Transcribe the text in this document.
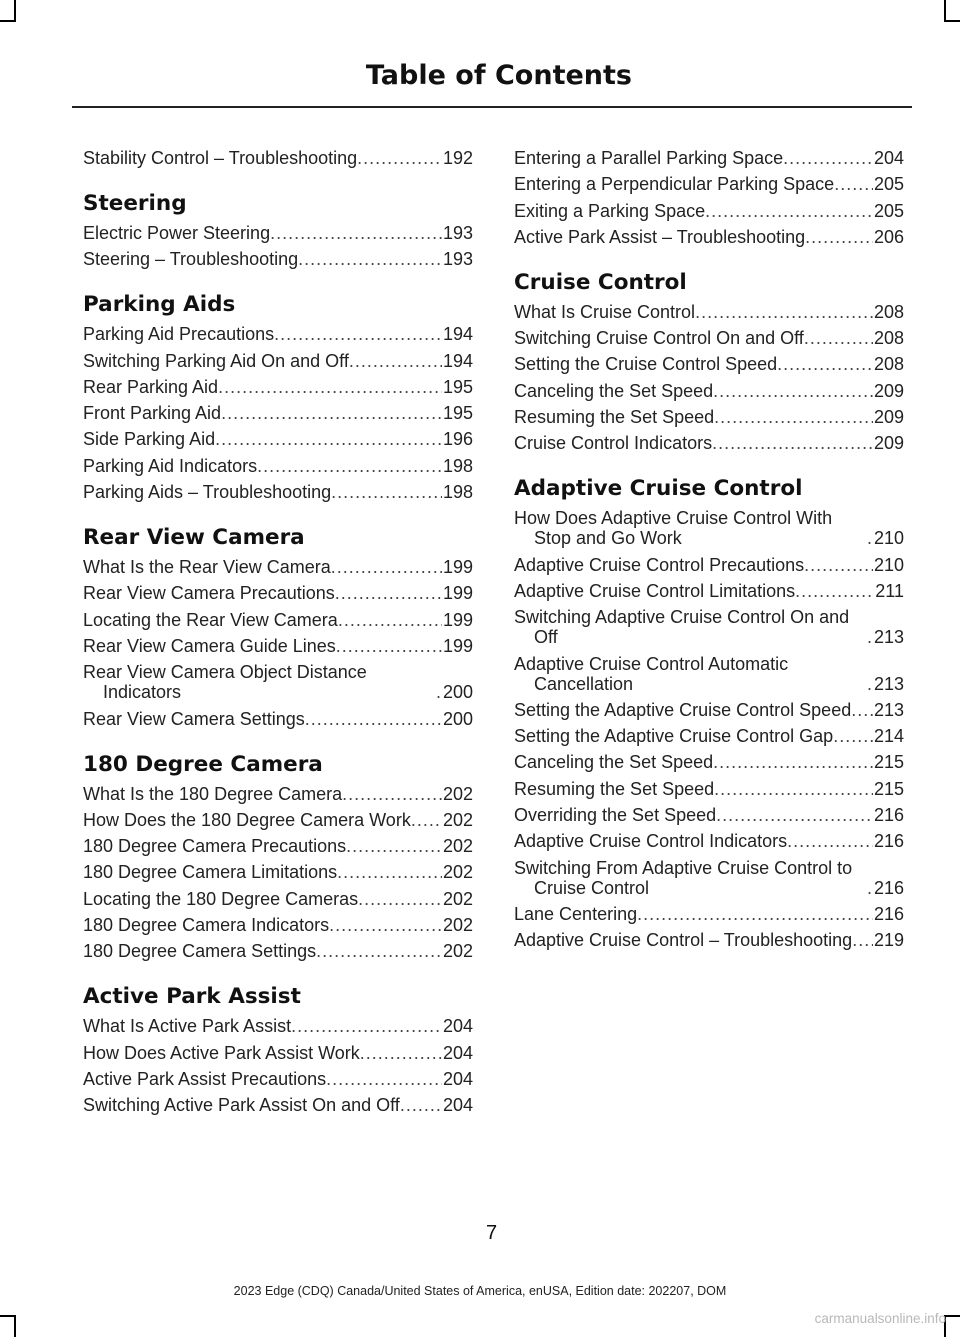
Table of Contents
Stability Control – Troubleshooting .....	192
Steering
Electric Power Steering .....	193
Steering – Troubleshooting .....	193
Parking Aids
Parking Aid Precautions .....	194
Switching Parking Aid On and Off .....	194
Rear Parking Aid .....	195
Front Parking Aid .....	195
Side Parking Aid .....	196
Parking Aid Indicators .....	198
Parking Aids – Troubleshooting .....	198
Rear View Camera
What Is the Rear View Camera .....	199
Rear View Camera Precautions .....	199
Locating the Rear View Camera .....	199
Rear View Camera Guide Lines .....	199
Rear View Camera Object Distance Indicators .....	200
Rear View Camera Settings .....	200
180 Degree Camera
What Is the 180 Degree Camera .....	202
How Does the 180 Degree Camera Work ..... 202
180 Degree Camera Precautions .....	202
180 Degree Camera Limitations .....	202
Locating the 180 Degree Cameras .....	202
180 Degree Camera Indicators .....	202
180 Degree Camera Settings .....	202
Active Park Assist
What Is Active Park Assist .....	204
How Does Active Park Assist Work .....	204
Active Park Assist Precautions .....	204
Switching Active Park Assist On and Off ..... 204
Entering a Parallel Parking Space .....	204
Entering a Perpendicular Parking Space ..... 205
Exiting a Parking Space .....	205
Active Park Assist – Troubleshooting .....	206
Cruise Control
What Is Cruise Control .....	208
Switching Cruise Control On and Off .....	208
Setting the Cruise Control Speed .....	208
Canceling the Set Speed .....	209
Resuming the Set Speed .....	209
Cruise Control Indicators .....	209
Adaptive Cruise Control
How Does Adaptive Cruise Control With Stop and Go Work .....	210
Adaptive Cruise Control Precautions .....	210
Adaptive Cruise Control Limitations .....	211
Switching Adaptive Cruise Control On and Off .....	213
Adaptive Cruise Control Automatic Cancellation .....	213
Setting the Adaptive Cruise Control Speed ..... 213
Setting the Adaptive Cruise Control Gap ..... 214
Canceling the Set Speed .....	215
Resuming the Set Speed .....	215
Overriding the Set Speed .....	216
Adaptive Cruise Control Indicators .....	216
Switching From Adaptive Cruise Control to Cruise Control .....	216
Lane Centering .....	216
Adaptive Cruise Control – Troubleshooting ..... 219
7
2023 Edge (CDQ) Canada/United States of America, enUSA, Edition date: 202207, DOM
carmanualsonline.info
